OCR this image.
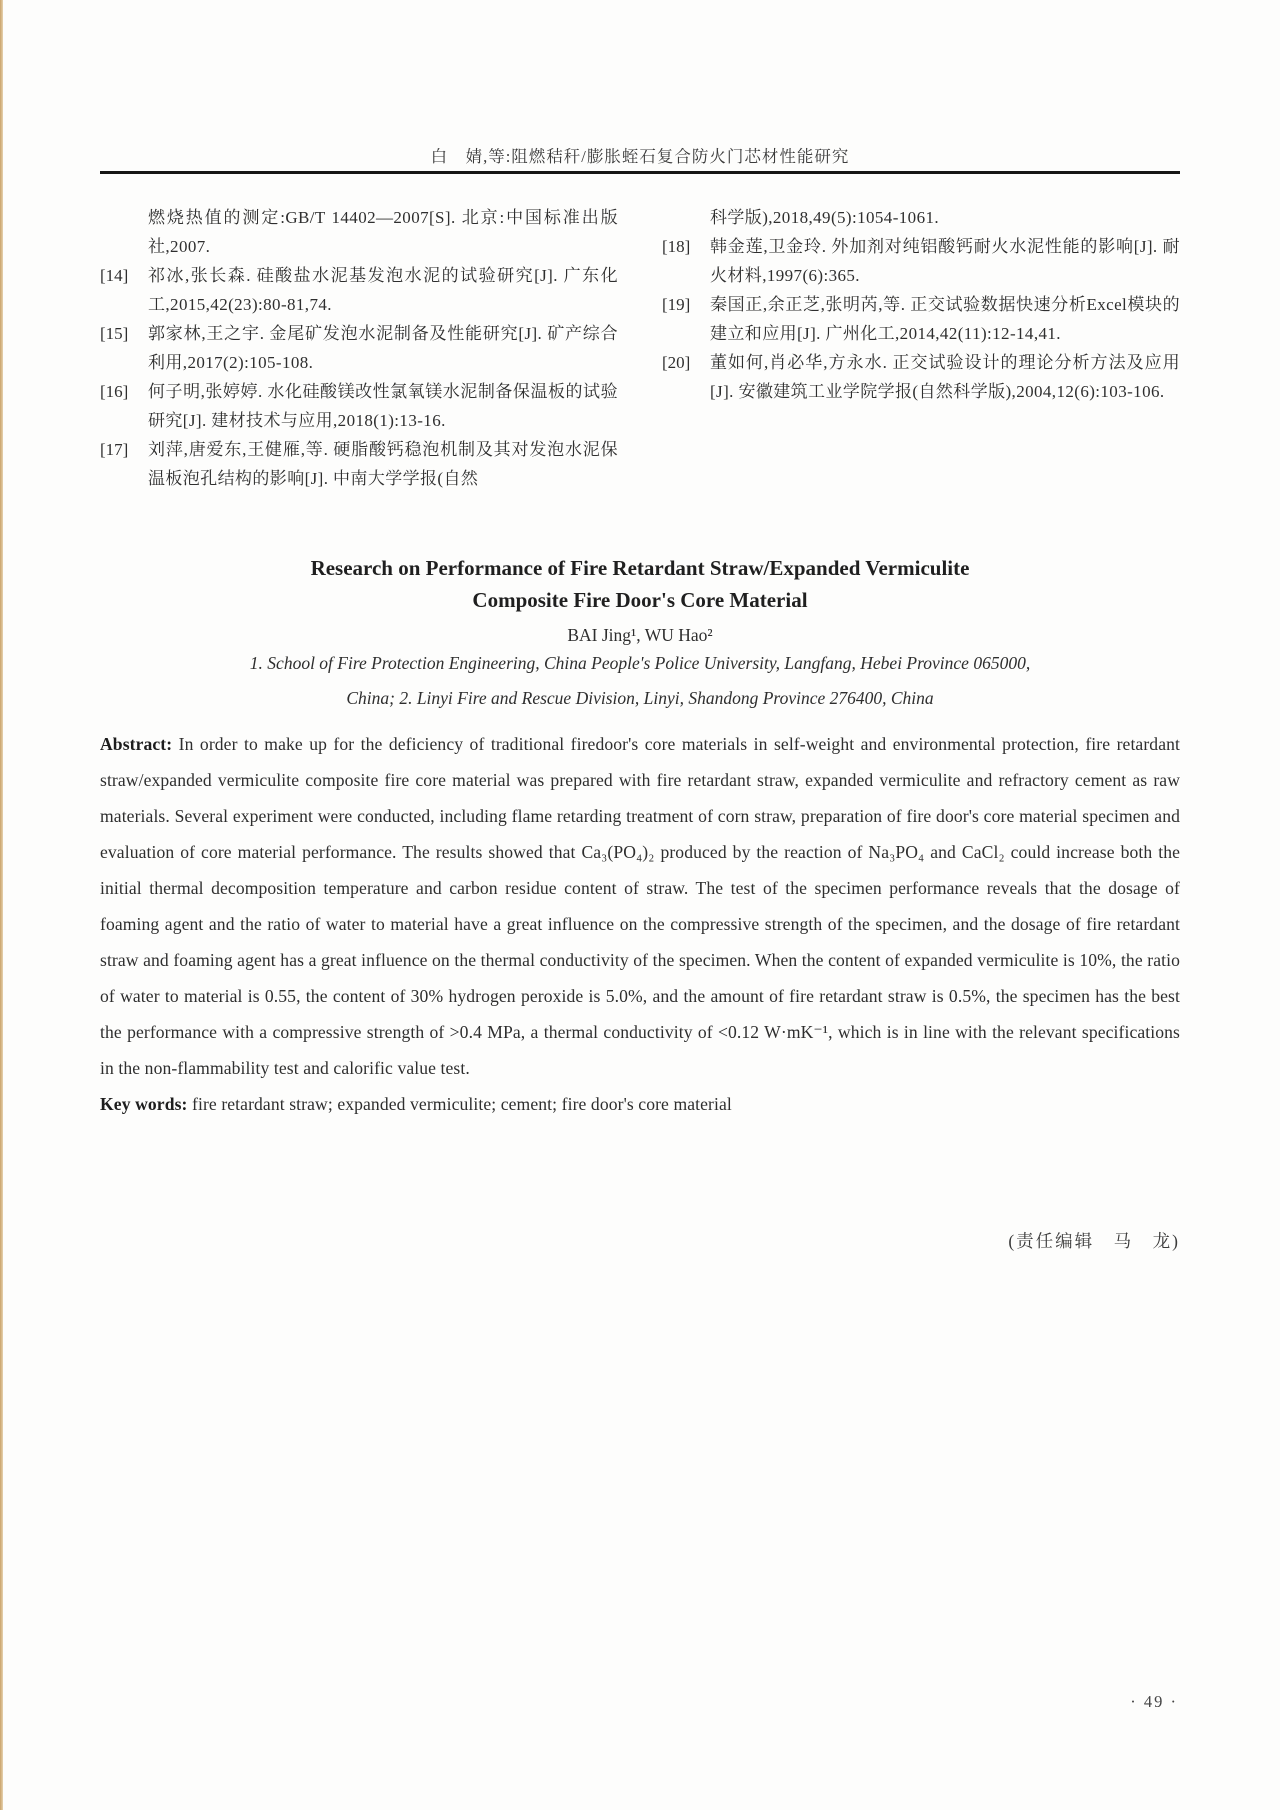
白　婧,等:阻燃秸秆/膨胀蛭石复合防火门芯材性能研究
燃烧热值的测定:GB/T 14402—2007[S]. 北京:中国标准出版社,2007.
[14]	祁冰,张长森. 硅酸盐水泥基发泡水泥的试验研究[J]. 广东化工,2015,42(23):80-81,74.
[15]	郭家林,王之宇. 金尾矿发泡水泥制备及性能研究[J]. 矿产综合利用,2017(2):105-108.
[16]	何子明,张婷婷. 水化硅酸镁改性氯氧镁水泥制备保温板的试验研究[J]. 建材技术与应用,2018(1):13-16.
[17]	刘萍,唐爱东,王健雁,等. 硬脂酸钙稳泡机制及其对发泡水泥保温板泡孔结构的影响[J]. 中南大学学报(自然
科学版),2018,49(5):1054-1061.
[18]	韩金莲,卫金玲. 外加剂对纯铝酸钙耐火水泥性能的影响[J]. 耐火材料,1997(6):365.
[19]	秦国正,余正芝,张明芮,等. 正交试验数据快速分析Excel模块的建立和应用[J]. 广州化工,2014,42(11):12-14,41.
[20]	董如何,肖必华,方永水. 正交试验设计的理论分析方法及应用[J]. 安徽建筑工业学院学报(自然科学版),2004,12(6):103-106.
Research on Performance of Fire Retardant Straw/Expanded Vermiculite
Composite Fire Door's Core Material
BAI Jing¹, WU Hao²
1. School of Fire Protection Engineering, China People's Police University, Langfang, Hebei Province 065000,
China; 2. Linyi Fire and Rescue Division, Linyi, Shandong Province 276400, China

Abstract: In order to make up for the deficiency of traditional firedoor's core materials in self-weight and environmental protection, fire retardant straw/expanded vermiculite composite fire core material was prepared with fire retardant straw, expanded vermiculite and refractory cement as raw materials. Several experiment were conducted, including flame retarding treatment of corn straw, preparation of fire door's core material specimen and evaluation of core material performance. The results showed that Ca₃(PO₄)₂ produced by the reaction of Na₃PO₄ and CaCl₂ could increase both the initial thermal decomposition temperature and carbon residue content of straw. The test of the specimen performance reveals that the dosage of foaming agent and the ratio of water to material have a great influence on the compressive strength of the specimen, and the dosage of fire retardant straw and foaming agent has a great influence on the thermal conductivity of the specimen. When the content of expanded vermiculite is 10%, the ratio of water to material is 0.55, the content of 30% hydrogen peroxide is 5.0%, and the amount of fire retardant straw is 0.5%, the specimen has the best the performance with a compressive strength of >0.4 MPa, a thermal conductivity of <0.12 W·mK⁻¹, which is in line with the relevant specifications in the non-flammability test and calorific value test.

Key words: fire retardant straw; expanded vermiculite; cement; fire door's core material

(责任编辑　马　龙)
· 49 ·
